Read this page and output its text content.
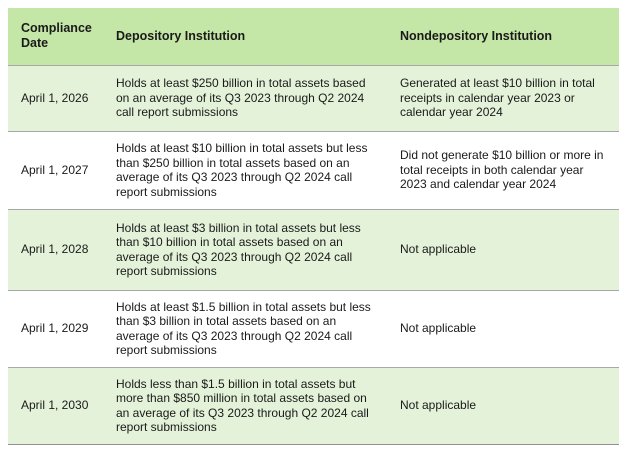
Compliance Date	Depository Institution	Nondepository Institution
April 1, 2026	Holds at least $250 billion in total assets based on an average of its Q3 2023 through Q2 2024 call report submissions	Generated at least $10 billion in total receipts in calendar year 2023 or calendar year 2024
April 1, 2027	Holds at least $10 billion in total assets but less than $250 billion in total assets based on an average of its Q3 2023 through Q2 2024 call report submissions	Did not generate $10 billion or more in total receipts in both calendar year 2023 and calendar year 2024
April 1, 2028	Holds at least $3 billion in total assets but less than $10 billion in total assets based on an average of its Q3 2023 through Q2 2024 call report submissions	Not applicable
April 1, 2029	Holds at least $1.5 billion in total assets but less than $3 billion in total assets based on an average of its Q3 2023 through Q2 2024 call report submissions	Not applicable
April 1, 2030	Holds less than $1.5 billion in total assets but more than $850 million in total assets based on an average of its Q3 2023 through Q2 2024 call report submissions	Not applicable
